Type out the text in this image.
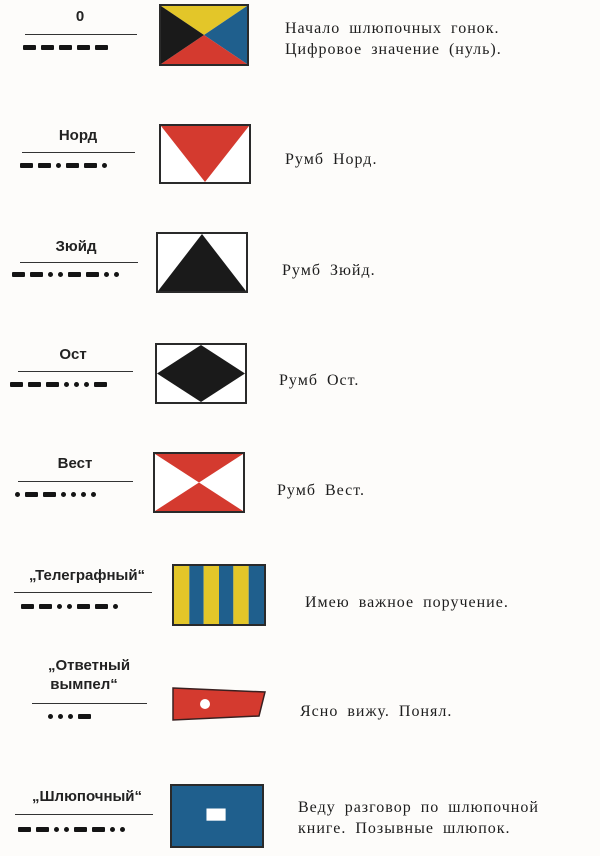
0
Начало шлюпочных гонок.
Цифровое значение (нуль).
Норд
Румб Норд.
Зюйд
Румб Зюйд.
Ост
Румб Ост.
Вест
Румб Вест.
„Телеграфный“
Имею важное поручение.
„Ответный
вымпел“
Ясно вижу. Понял.
„Шлюпочный“
Веду разговор по шлюпочной
книге. Позывные шлюпок.
